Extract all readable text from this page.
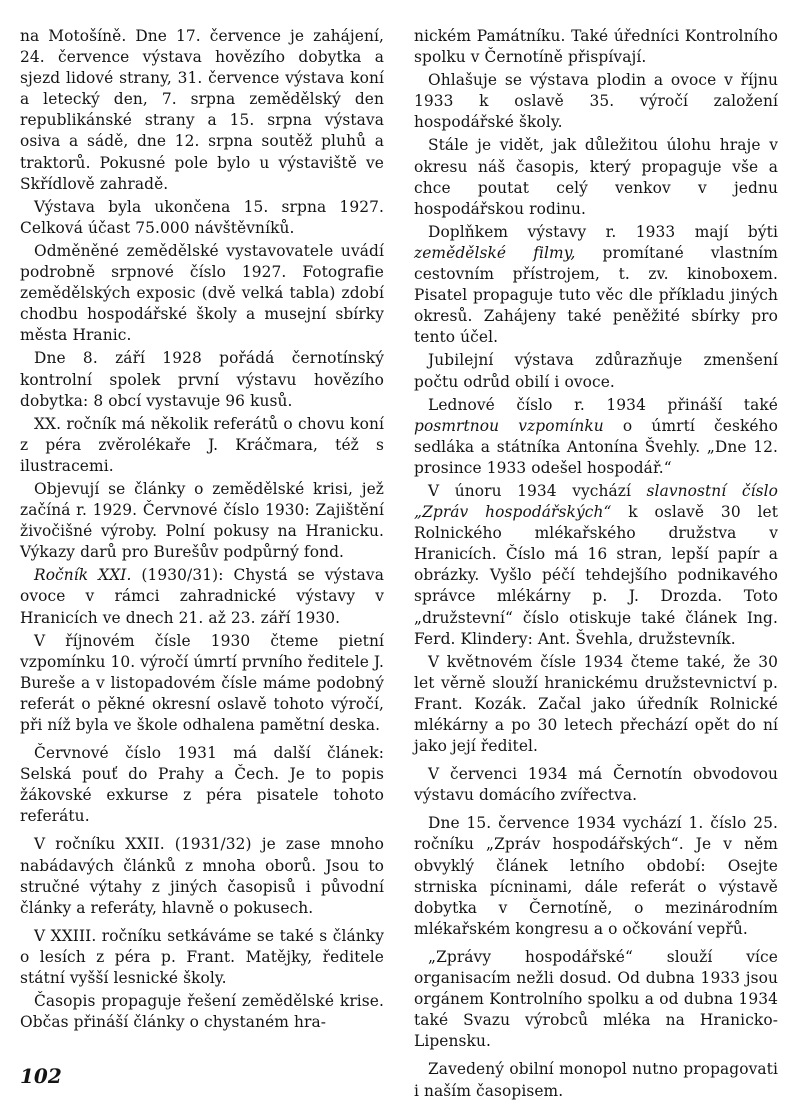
na Motošíně. Dne 17. července je zahájení, 24. července výstava hovězího dobytka a sjezd lidové strany, 31. července výstava koní a letecký den, 7. srpna zemědělský den republikánské strany a 15. srpna výstava osiva a sádě, dne 12. srpna soutěž pluhů a traktorů. Pokusné pole bylo u výstaviště ve Skřídlově zahradě.

Výstava byla ukončena 15. srpna 1927. Celková účast 75.000 návštěvníků.

Odměněné zemědělské vystavovatele uvádí podrobně srpnové číslo 1927. Fotografie zemědělských exposic (dvě velká tabla) zdobí chodbu hospodářské školy a musejní sbírky města Hranic.

Dne 8. září 1928 pořádá černotínský kontrolní spolek první výstavu hovězího dobytka: 8 obcí vystavuje 96 kusů.

XX. ročník má několik referátů o chovu koní z péra zvěrolékaře J. Kráčmara, též s ilustracemi.

Objevují se články o zemědělské krisi, jež začíná r. 1929. Červnové číslo 1930: Zajištění živočišné výroby. Polní pokusy na Hranicku. Výkazy darů pro Burešův podpůrný fond.

Ročník XXI. (1930/31): Chystá se výstava ovoce v rámci zahradnické výstavy v Hranicích ve dnech 21. až 23. září 1930.

V říjnovém čísle 1930 čteme pietní vzpomínku 10. výročí úmrtí prvního ředitele J. Bureše a v listopadovém čísle máme podobný referát o pěkné okresní oslavě tohoto výročí, při níž byla ve škole odhalena pamětní deska.

Červnové číslo 1931 má další článek: Selská pouť do Prahy a Čech. Je to popis žákovské exkurse z péra pisatele tohoto referátu.

V ročníku XXII. (1931/32) je zase mnoho nabádavých článků z mnoha oborů. Jsou to stručné výtahy z jiných časopisů i původní články a referáty, hlavně o pokusech.

V XXIII. ročníku setkáváme se také s články o lesích z péra p. Frant. Matějky, ředitele státní vyšší lesnické školy.

Časopis propaguje řešení zemědělské krise. Občas přináší články o chystaném hra-

nickém Památníku. Také úředníci Kontrolního spolku v Černotíně přispívají.

Ohlašuje se výstava plodin a ovoce v říjnu 1933 k oslavě 35. výročí založení hospodářské školy.

Stále je vidět, jak důležitou úlohu hraje v okresu náš časopis, který propaguje vše a chce poutat celý venkov v jednu hospodářskou rodinu.

Doplňkem výstavy r. 1933 mají býti zemědělské filmy, promítané vlastním cestovním přístrojem, t. zv. kinoboxem. Pisatel propaguje tuto věc dle příkladu jiných okresů. Zahájeny také peněžité sbírky pro tento účel.

Jubilejní výstava zdůrazňuje zmenšení počtu odrůd obilí i ovoce.

Lednové číslo r. 1934 přináší také posmrtnou vzpomínku o úmrtí českého sedláka a státníka Antonína Švehly. „Dne 12. prosince 1933 odešel hospodář.“

V únoru 1934 vychází slavnostní číslo „Zpráv hospodářských“ k oslavě 30 let Rolnického mlékařského družstva v Hranicích. Číslo má 16 stran, lepší papír a obrázky. Vyšlo péčí tehdejšího podnikavého správce mlékárny p. J. Drozda. Toto „družstevní“ číslo otiskuje také článek Ing. Ferd. Klindery: Ant. Švehla, družstevník.

V květnovém čísle 1934 čteme také, že 30 let věrně slouží hranickému družstevnictví p. Frant. Kozák. Začal jako úředník Rolnické mlékárny a po 30 letech přechází opět do ní jako její ředitel.

V červenci 1934 má Černotín obvodovou výstavu domácího zvířectva.

Dne 15. července 1934 vychází 1. číslo 25. ročníku „Zpráv hospodářských“. Je v něm obvyklý článek letního období: Osejte strniska pícninami, dále referát o výstavě dobytka v Černotíně, o mezinárodním mlékařském kongresu a o očkování vepřů.

„Zprávy hospodářské“ slouží více organisacím nežli dosud. Od dubna 1933 jsou orgánem Kontrolního spolku a od dubna 1934 také Svazu výrobců mléka na Hranicko-Lipensku.

Zavedený obilní monopol nutno propagovati i naším časopisem.

102
